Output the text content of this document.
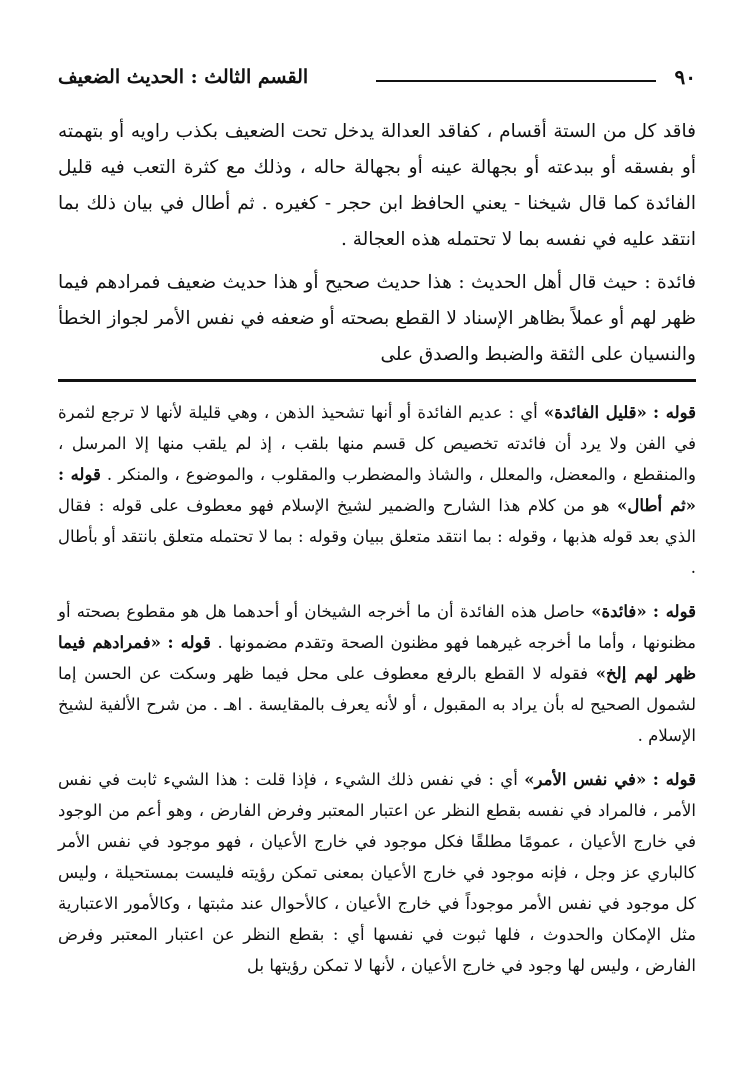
٩٠
القسم الثالث : الحديث الضعيف

فاقد كل من الستة أقسام ، كفاقد العدالة يدخل تحت الضعيف بكذب راويه أو بتهمته أو بفسقه أو ببدعته أو بجهالة عينه أو بجهالة حاله ، وذلك مع كثرة التعب فيه قليل الفائدة كما قال شيخنا - يعني الحافظ ابن حجر - كغيره . ثم أطال في بيان ذلك بما انتقد عليه في نفسه بما لا تحتمله هذه العجالة .

فائدة : حيث قال أهل الحديث : هذا حديث صحيح أو هذا حديث ضعيف فمرادهم فيما ظهر لهم أو عملاً بظاهر الإسناد لا القطع بصحته أو ضعفه في نفس الأمر لجواز الخطأ والنسيان على الثقة والضبط والصدق على

قوله : «قليل الفائدة» أي : عديم الفائدة أو أنها تشحيذ الذهن ، وهي قليلة لأنها لا ترجع لثمرة في الفن ولا يرد أن فائدته تخصيص كل قسم منها بلقب ، إذ لم يلقب منها إلا المرسل ، والمنقطع ، والمعضل، والمعلل ، والشاذ والمضطرب والمقلوب ، والموضوع ، والمنكر . قوله : «ثم أطال» هو من كلام هذا الشارح والضمير لشيخ الإسلام فهو معطوف على قوله : فقال الذي بعد قوله هذبها ، وقوله : بما انتقد متعلق ببيان وقوله : بما لا تحتمله متعلق بانتقد أو بأطال .

قوله : «فائدة» حاصل هذه الفائدة أن ما أخرجه الشيخان أو أحدهما هل هو مقطوع بصحته أو مظنونها ، وأما ما أخرجه غيرهما فهو مظنون الصحة وتقدم مضمونها . قوله : «فمرادهم فيما ظهر لهم إلخ» فقوله لا القطع بالرفع معطوف على محل فيما ظهر وسكت عن الحسن إما لشمول الصحيح له بأن يراد به المقبول ، أو لأنه يعرف بالمقايسة . اهـ . من شرح الألفية لشيخ الإسلام .

قوله : «في نفس الأمر» أي : في نفس ذلك الشيء ، فإذا قلت : هذا الشيء ثابت في نفس الأمر ، فالمراد في نفسه بقطع النظر عن اعتبار المعتبر وفرض الفارض ، وهو أعم من الوجود في خارج الأعيان ، عمومًا مطلقًا فكل موجود في خارج الأعيان ، فهو موجود في نفس الأمر كالباري عز وجل ، فإنه موجود في خارج الأعيان بمعنى تمكن رؤيته فليست بمستحيلة ، وليس كل موجود في نفس الأمر موجوداً في خارج الأعيان ، كالأحوال عند مثبتها ، وكالأمور الاعتبارية مثل الإمكان والحدوث ، فلها ثبوت في نفسها أي : بقطع النظر عن اعتبار المعتبر وفرض الفارض ، وليس لها وجود في خارج الأعيان ، لأنها لا تمكن رؤيتها بل
